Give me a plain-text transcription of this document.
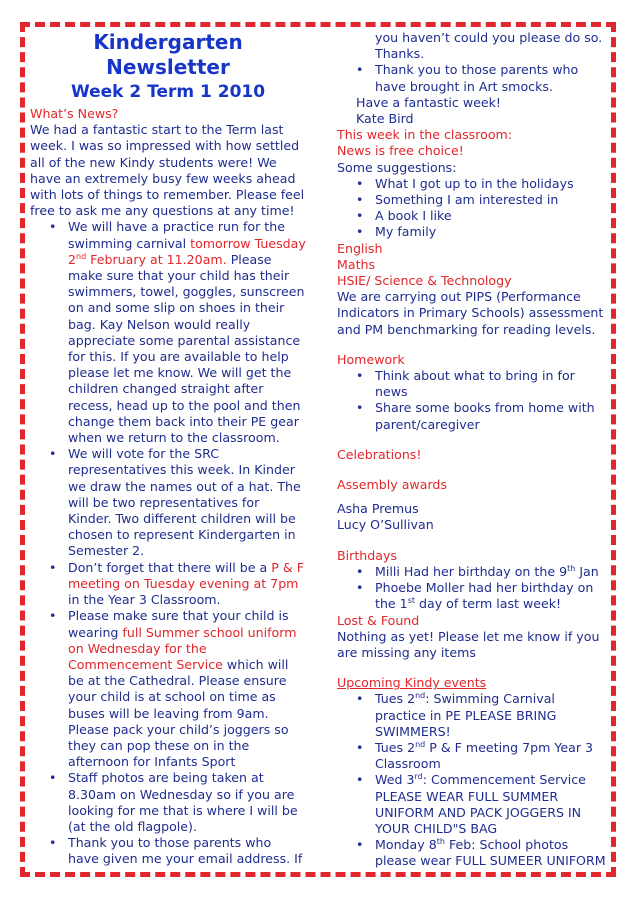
Kindergarten
Newsletter
Week 2 Term 1 2010

What’s News?

We had a fantastic start to the Term last week. I was so impressed with how settled all of the new Kindy students were! We have an extremely busy few weeks ahead with lots of things to remember. Please feel free to ask me any questions at any time!

• We will have a practice run for the swimming carnival tomorrow Tuesday 2nd February at 11.20am. Please make sure that your child has their swimmers, towel, goggles, sunscreen on and some slip on shoes in their bag. Kay Nelson would really appreciate some parental assistance for this. If you are available to help please let me know. We will get the children changed straight after recess, head up to the pool and then change them back into their PE gear when we return to the classroom.
• We will vote for the SRC representatives this week. In Kinder we draw the names out of a hat. The will be two representatives for Kinder. Two different children will be chosen to represent Kindergarten in Semester 2.
• Don’t forget that there will be a P & F meeting on Tuesday evening at 7pm in the Year 3 Classroom.
• Please make sure that your child is wearing full Summer school uniform on Wednesday for the Commencement Service which will be at the Cathedral. Please ensure your child is at school on time as buses will be leaving from 9am. Please pack your child’s joggers so they can pop these on in the afternoon for Infants Sport
• Staff photos are being taken at 8.30am on Wednesday so if you are looking for me that is where I will be (at the old flagpole).
• Thank you to those parents who have given me your email address. If
you haven’t could you please do so. Thanks.
• Thank you to those parents who have brought in Art smocks.

Have a fantastic week!

Kate Bird

This week in the classroom:

News is free choice!

Some suggestions:

• What I got up to in the holidays
• Something I am interested in
• A book I like
• My family

English

Maths

HSIE/ Science & Technology

We are carrying out PIPS (Performance Indicators in Primary Schools) assessment and PM benchmarking for reading levels.

Homework

• Think about what to bring in for news
• Share some books from home with parent/caregiver

Celebrations!

Assembly awards

Asha Premus

Lucy O’Sullivan

Birthdays

• Milli Had her birthday on the 9th Jan
• Phoebe Moller had her birthday on the 1st day of term last week!

Lost & Found

Nothing as yet! Please let me know if you are missing any items

Upcoming Kindy events

• Tues 2nd: Swimming Carnival practice in PE PLEASE BRING SWIMMERS!
• Tues 2nd P & F meeting 7pm Year 3 Classroom
• Wed 3rd: Commencement Service PLEASE WEAR FULL SUMMER UNIFORM AND PACK JOGGERS IN YOUR CHILD"S BAG
• Monday 8th Feb: School photos please wear FULL SUMEER UNIFORM
